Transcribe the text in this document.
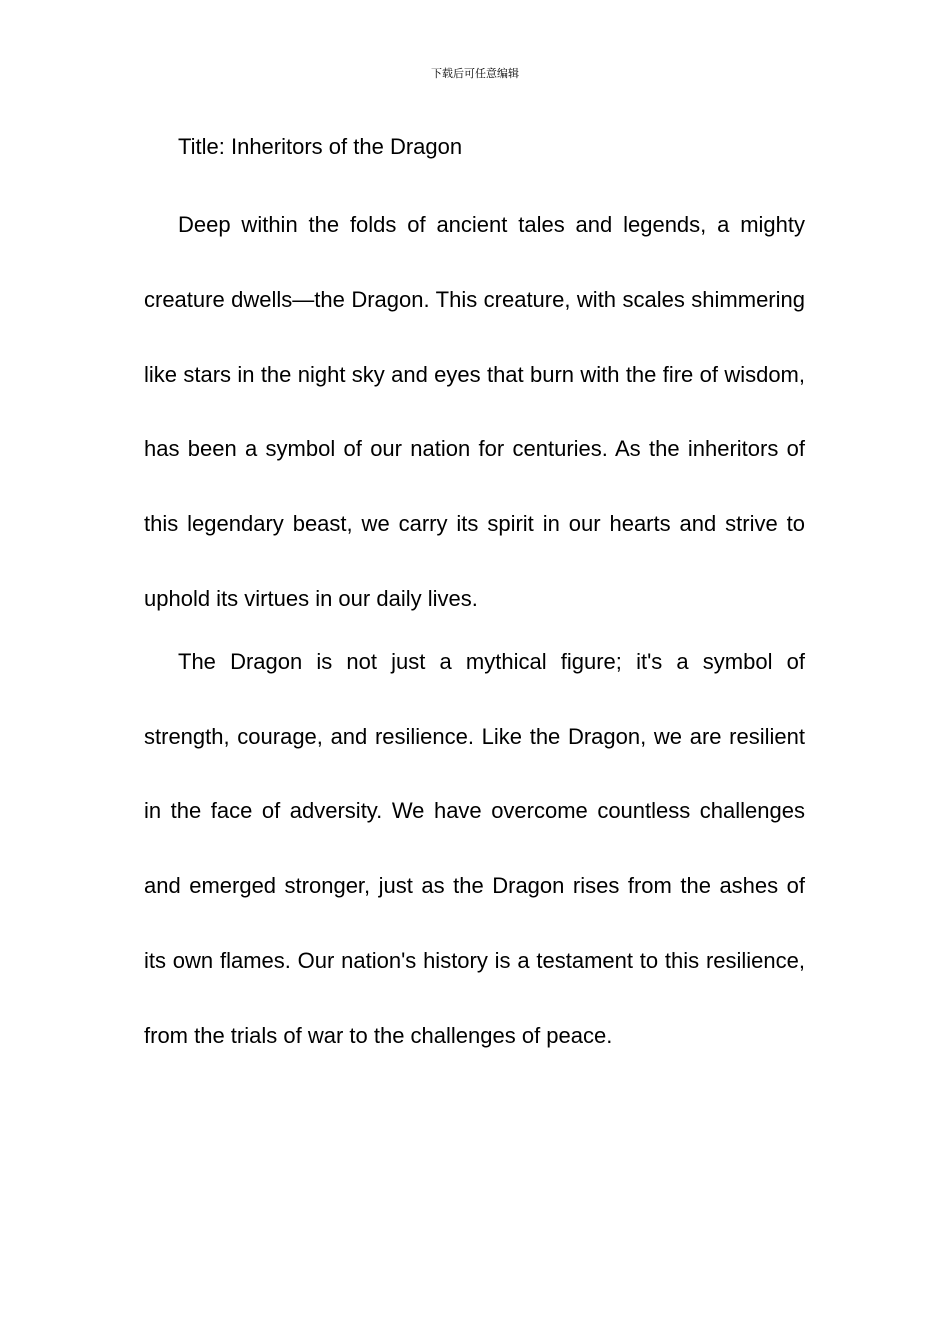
下载后可任意编辑

Title: Inheritors of the Dragon

Deep within the folds of ancient tales and legends, a mighty creature dwells—the Dragon. This creature, with scales shimmering like stars in the night sky and eyes that burn with the fire of wisdom, has been a symbol of our nation for centuries. As the inheritors of this legendary beast, we carry its spirit in our hearts and strive to uphold its virtues in our daily lives.

The Dragon is not just a mythical figure; it's a symbol of strength, courage, and resilience. Like the Dragon, we are resilient in the face of adversity. We have overcome countless challenges and emerged stronger, just as the Dragon rises from the ashes of its own flames. Our nation's history is a testament to this resilience, from the trials of war to the challenges of peace.
